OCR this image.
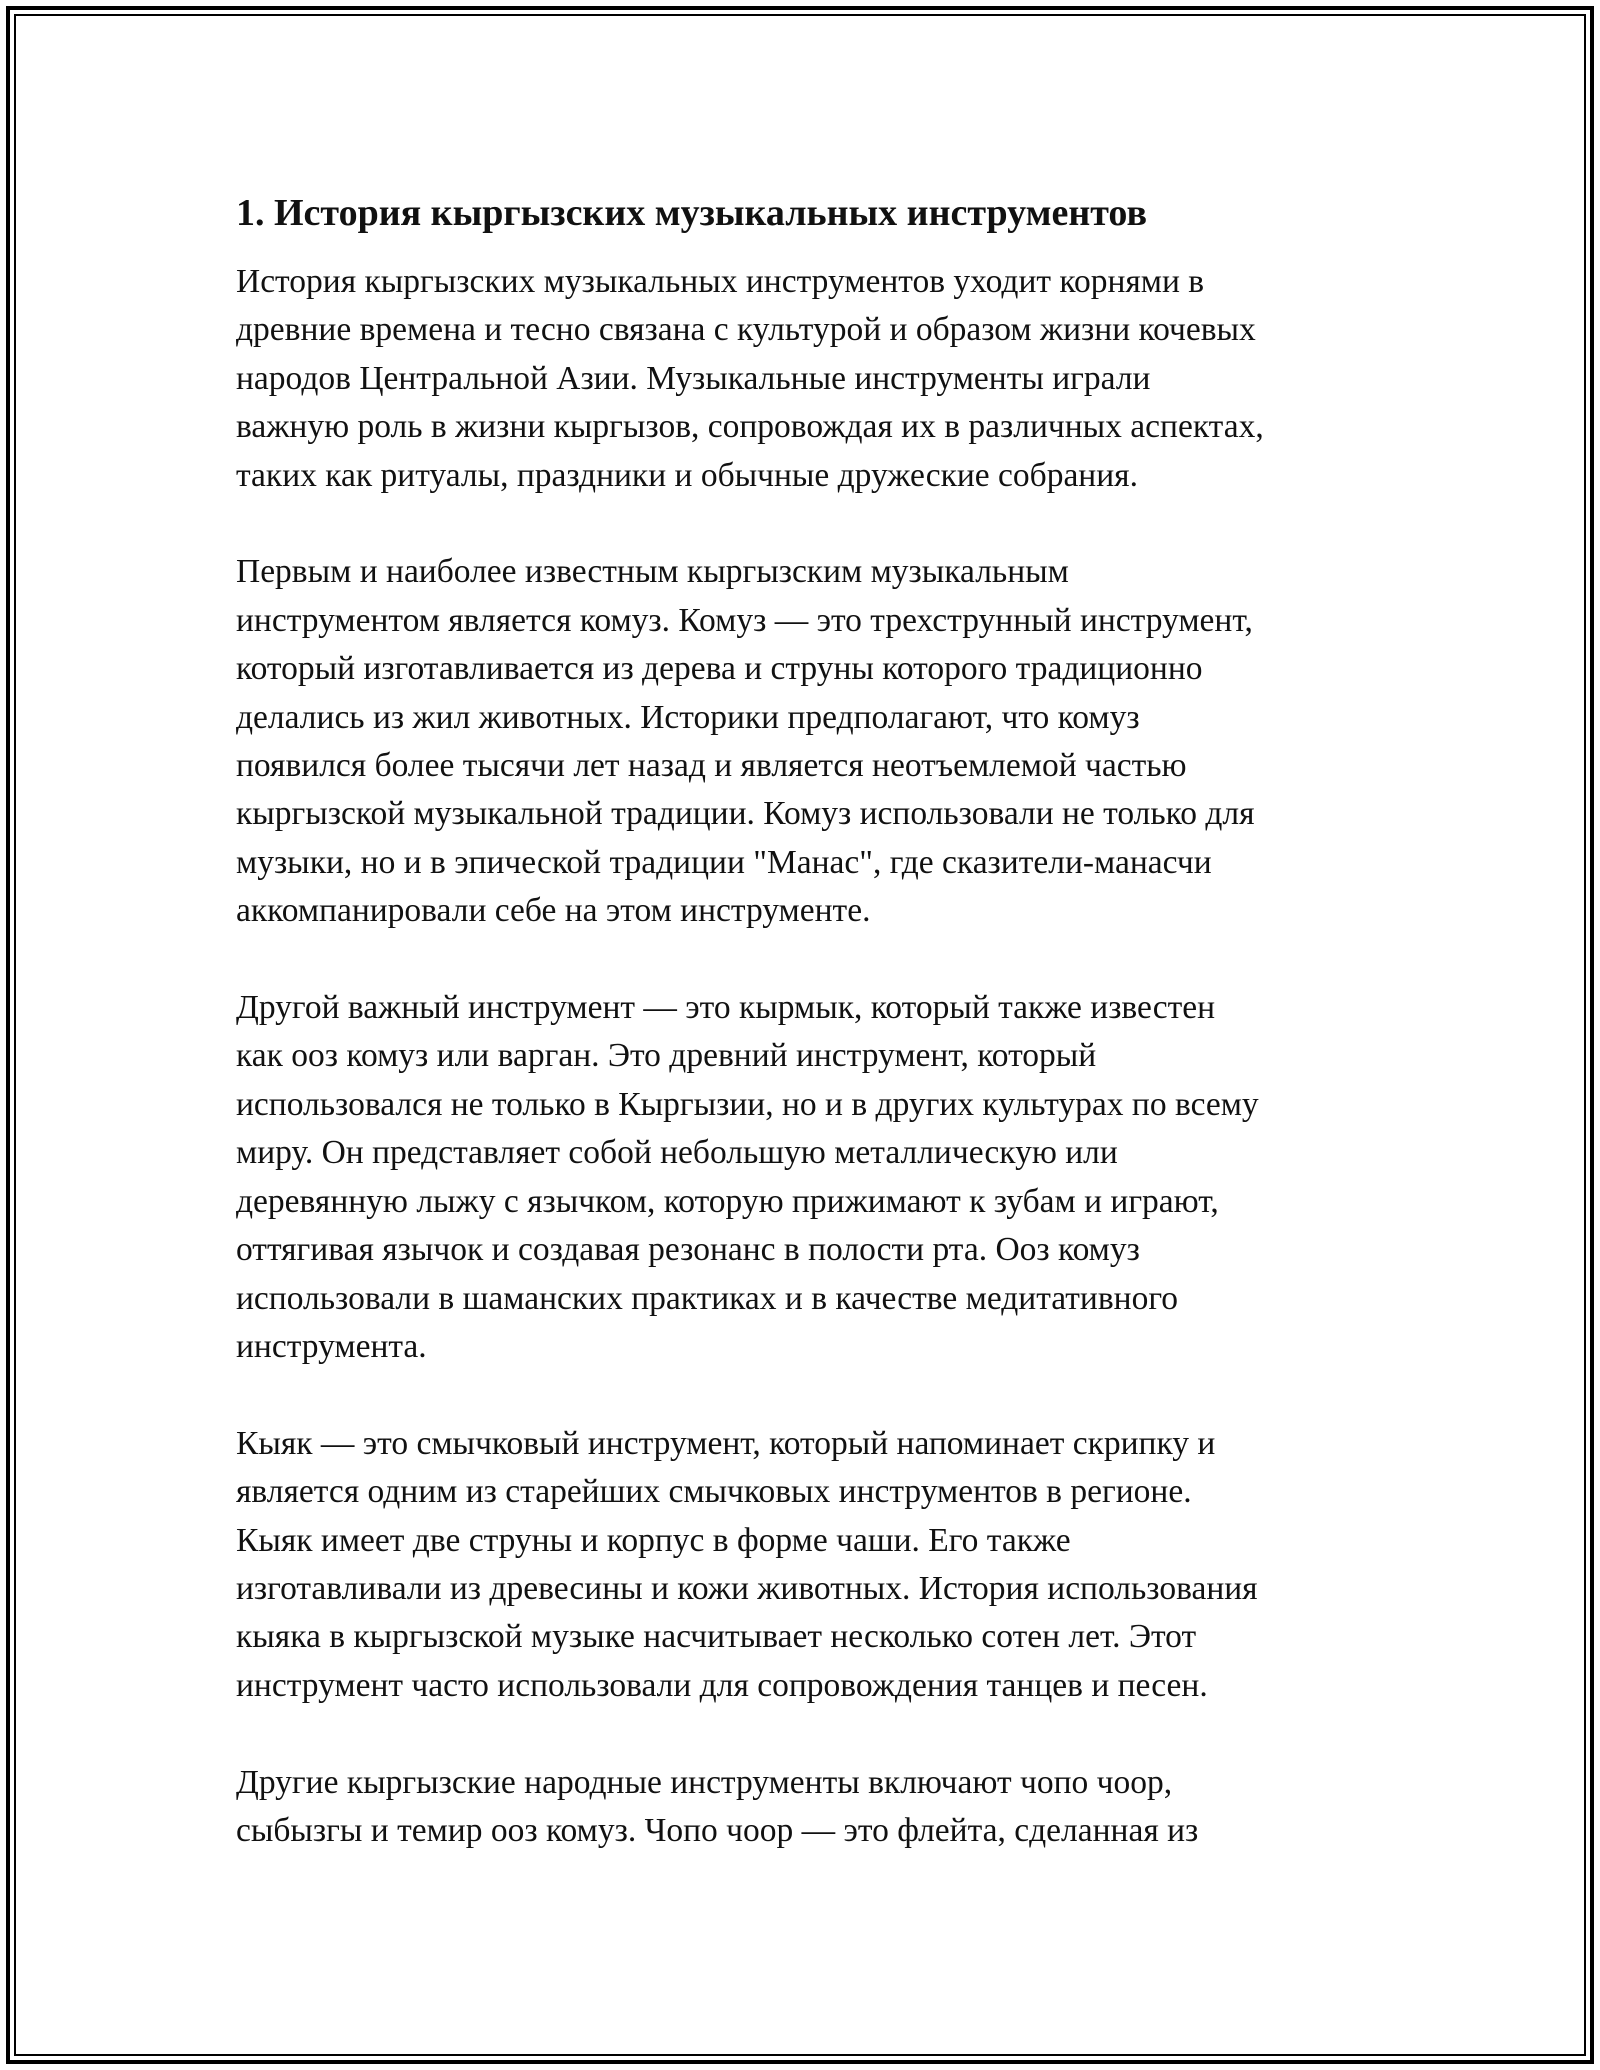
1. История кыргызских музыкальных инструментов
История кыргызских музыкальных инструментов уходит корнями в
древние времена и тесно связана с культурой и образом жизни кочевых
народов Центральной Азии. Музыкальные инструменты играли
важную роль в жизни кыргызов, сопровождая их в различных аспектах,
таких как ритуалы, праздники и обычные дружеские собрания.
Первым и наиболее известным кыргызским музыкальным
инструментом является комуз. Комуз — это трехструнный инструмент,
который изготавливается из дерева и струны которого традиционно
делались из жил животных. Историки предполагают, что комуз
появился более тысячи лет назад и является неотъемлемой частью
кыргызской музыкальной традиции. Комуз использовали не только для
музыки, но и в эпической традиции "Манас", где сказители-манасчи
аккомпанировали себе на этом инструменте.
Другой важный инструмент — это кырмык, который также известен
как ооз комуз или варган. Это древний инструмент, который
использовался не только в Кыргызии, но и в других культурах по всему
миру. Он представляет собой небольшую металлическую или
деревянную лыжу с язычком, которую прижимают к зубам и играют,
оттягивая язычок и создавая резонанс в полости рта. Ооз комуз
использовали в шаманских практиках и в качестве медитативного
инструмента.
Кыяк — это смычковый инструмент, который напоминает скрипку и
является одним из старейших смычковых инструментов в регионе.
Кыяк имеет две струны и корпус в форме чаши. Его также
изготавливали из древесины и кожи животных. История использования
кыяка в кыргызской музыке насчитывает несколько сотен лет. Этот
инструмент часто использовали для сопровождения танцев и песен.
Другие кыргызские народные инструменты включают чопо чоор,
сыбызгы и темир ооз комуз. Чопо чоор — это флейта, сделанная из
